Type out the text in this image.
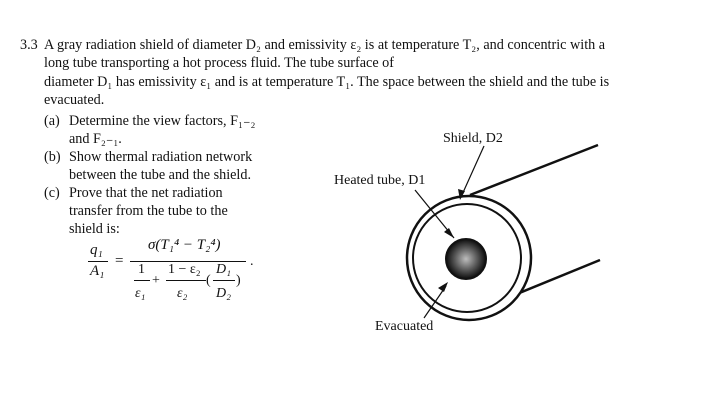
3.3 A gray radiation shield of diameter D₂ and emissivity ε₂ is at temperature T₂, and concentric with a
long tube transporting a hot process fluid. The tube surface of
diameter D₁ has emissivity ε₁ and is at temperature T₁. The space between the shield and the tube is
evacuated.
(a) Determine the view factors, F₁₋₂
and F₂₋₁.
(b) Show thermal radiation network
between the tube and the shield.
(c) Prove that the net radiation
transfer from the tube to the
shield is:
q₁
A₁
=
σ(T₁⁴ − T₂⁴)
1
ε₁
+
1 − ε₂
ε₂
(
D₁
D₂
)
.
Shield, D2
Heated tube, D1
Evacuated
